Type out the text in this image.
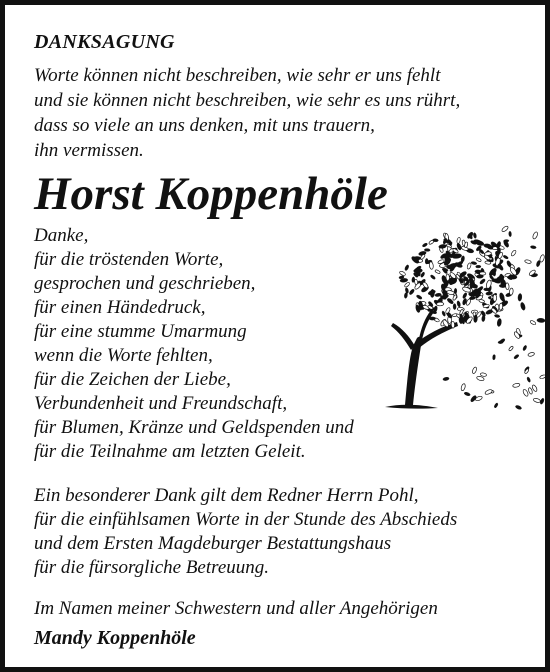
DANKSAGUNG
Worte können nicht beschreiben, wie sehr er uns fehlt
und sie können nicht beschreiben, wie sehr es uns rührt,
dass so viele an uns denken, mit uns trauern,
ihn vermissen.
Horst Koppenhöle
Danke,
für die tröstenden Worte,
gesprochen und geschrieben,
für einen Händedruck,
für eine stumme Umarmung
wenn die Worte fehlten,
für die Zeichen der Liebe,
Verbundenheit und Freundschaft,
für Blumen, Kränze und Geldspenden und
für die Teilnahme am letzten Geleit.
Ein besonderer Dank gilt dem Redner Herrn Pohl,
für die einfühlsamen Worte in der Stunde des Abschieds
und dem Ersten Magdeburger Bestattungshaus
für die fürsorgliche Betreuung.
Im Namen meiner Schwestern und aller Angehörigen
Mandy Koppenhöle
